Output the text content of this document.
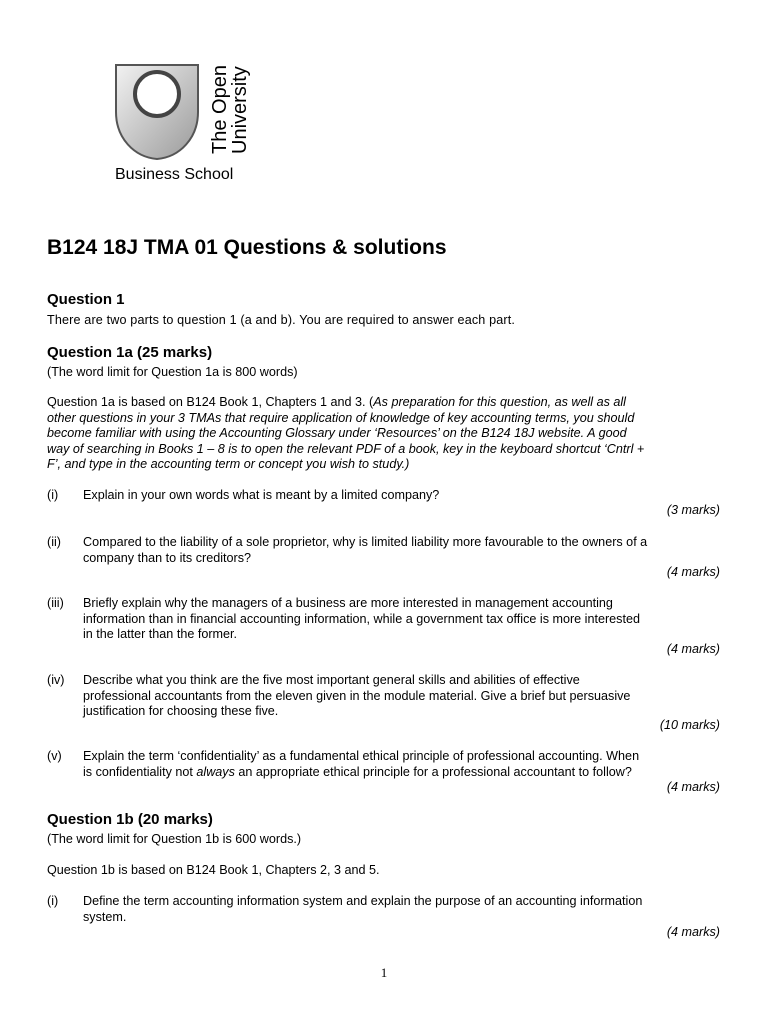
The Open
University
Business School
B124 18J TMA 01 Questions & solutions
Question 1
There are two parts to question 1 (a and b). You are required to answer each part.
Question 1a (25 marks)
(The word limit for Question 1a is 800 words)
Question 1a is based on B124 Book 1, Chapters 1 and 3. (As preparation for this question, as well as all
other questions in your 3 TMAs that require application of knowledge of key accounting terms, you should
become familiar with using the Accounting Glossary under ‘Resources’ on the B124 18J website. A good
way of searching in Books 1 – 8 is to open the relevant PDF of a book, key in the keyboard shortcut ‘Cntrl +
F’, and type in the accounting term or concept you wish to study.)
(i) Explain in your own words what is meant by a limited company?
(3 marks)
(ii) Compared to the liability of a sole proprietor, why is limited liability more favourable to the owners of a
company than to its creditors?
(4 marks)
(iii) Briefly explain why the managers of a business are more interested in management accounting
information than in financial accounting information, while a government tax office is more interested
in the latter than the former.
(4 marks)
(iv) Describe what you think are the five most important general skills and abilities of effective
professional accountants from the eleven given in the module material. Give a brief but persuasive
justification for choosing these five.
(10 marks)
(v) Explain the term ‘confidentiality’ as a fundamental ethical principle of professional accounting. When
is confidentiality not always an appropriate ethical principle for a professional accountant to follow?
(4 marks)
Question 1b (20 marks)
(The word limit for Question 1b is 600 words.)
Question 1b is based on B124 Book 1, Chapters 2, 3 and 5.
(i) Define the term accounting information system and explain the purpose of an accounting information
system.
(4 marks)
1
